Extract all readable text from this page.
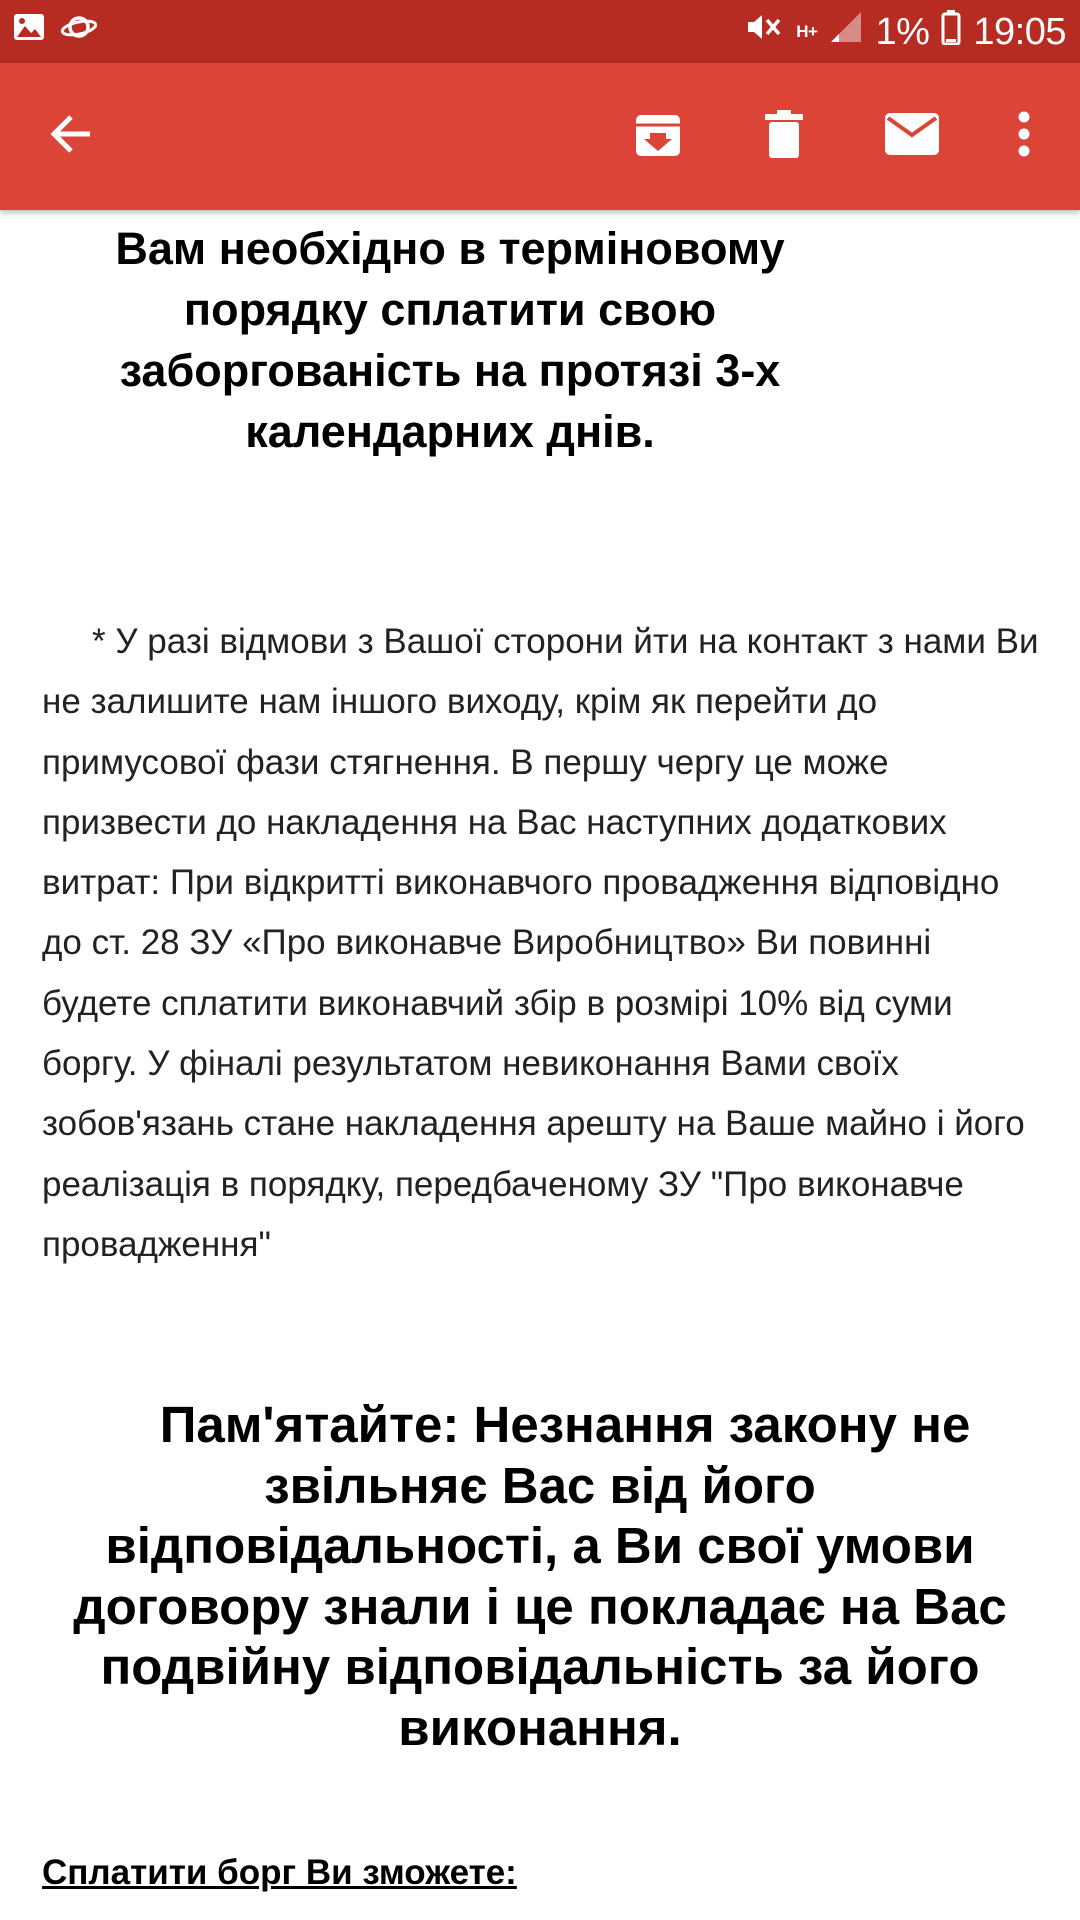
H+ 1% 19:05
Вам необхідно в терміновому порядку сплатити свою заборгованість на протязі 3-х календарних днів.
* У разі відмови з Вашої сторони йти на контакт з нами Ви не залишите нам іншого виходу, крім як перейти до примусової фази стягнення. В першу чергу це може призвести до накладення на Вас наступних додаткових витрат: При відкритті виконавчого провадження відповідно до ст. 28 ЗУ «Про виконавче Виробництво» Ви повинні будете сплатити виконавчий збір в розмірі 10% від суми боргу. У фіналі результатом невиконання Вами своїх зобов'язань стане накладення арешту на Ваше майно і його реалізація в порядку, передбаченому ЗУ "Про виконавче провадження"
Пам'ятайте: Незнання закону не звільняє Вас від його відповідальності, а Ви свої умови договору знали і це покладає на Вас подвійну відповідальність за його виконання.
Сплатити борг Ви зможете:
